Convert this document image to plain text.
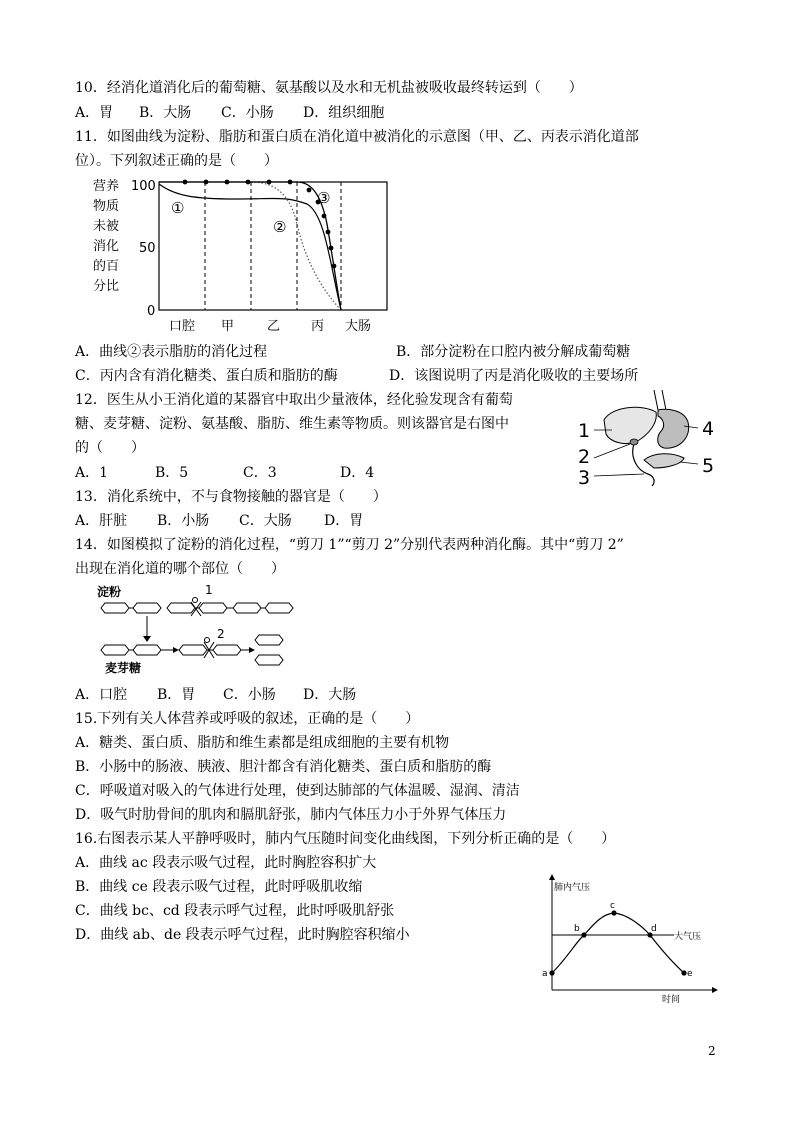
10．经消化道消化后的葡萄糖、氨基酸以及水和无机盐被吸收最终转运到（　　）
A．胃 B．大肠 C．小肠 D．组织细胞
11．如图曲线为淀粉、脂肪和蛋白质在消化道中被消化的示意图（甲、乙、丙表示消化道部
位）。下列叙述正确的是（　　）
营养
物质
未被
消化
的百
分比
100
50
0
①
②
③
口腔 甲	乙 丙 大肠
A．曲线②表示脂肪的消化过程	B．部分淀粉在口腔内被分解成葡萄糖
C．丙内含有消化糖类、蛋白质和脂肪的酶	D．该图说明了丙是消化吸收的主要场所
12．医生从小王消化道的某器官中取出少量液体，经化验发现含有葡萄
糖、麦芽糖、淀粉、氨基酸、脂肪、维生素等物质。则该器官是右图中
的（　　）
A．1	B．5	C．3	D．4
1
2
3
4
5
13．消化系统中，不与食物接触的器官是（　　）
A．肝脏 B．小肠 C．大肠 D．胃
14．如图模拟了淀粉的消化过程，“剪刀 1”“剪刀 2”分别代表两种消化酶。其中“剪刀 2”
出现在消化道的哪个部位（　　）
淀粉
麦芽糖
1
2
A．口腔 B．胃 C．小肠 D．大肠
15.下列有关人体营养或呼吸的叙述，正确的是（　　）
A．糖类、蛋白质、脂肪和维生素都是组成细胞的主要有机物
B．小肠中的肠液、胰液、胆汁都含有消化糖类、蛋白质和脂肪的酶
C．呼吸道对吸入的气体进行处理，使到达肺部的气体温暖、湿润、清洁
D．吸气时肋骨间的肌肉和膈肌舒张，肺内气体压力小于外界气体压力
16.右图表示某人平静呼吸时，肺内气压随时间变化曲线图，下列分析正确的是（　　）
A．曲线 ac 段表示吸气过程，此时胸腔容积扩大
B．曲线 ce 段表示吸气过程，此时呼吸肌收缩
C．曲线 bc、cd 段表示呼气过程，此时呼吸肌舒张
D．曲线 ab、de 段表示呼气过程，此时胸腔容积缩小
肺内气压
时间
大气压
a
b
c
d
e
2
